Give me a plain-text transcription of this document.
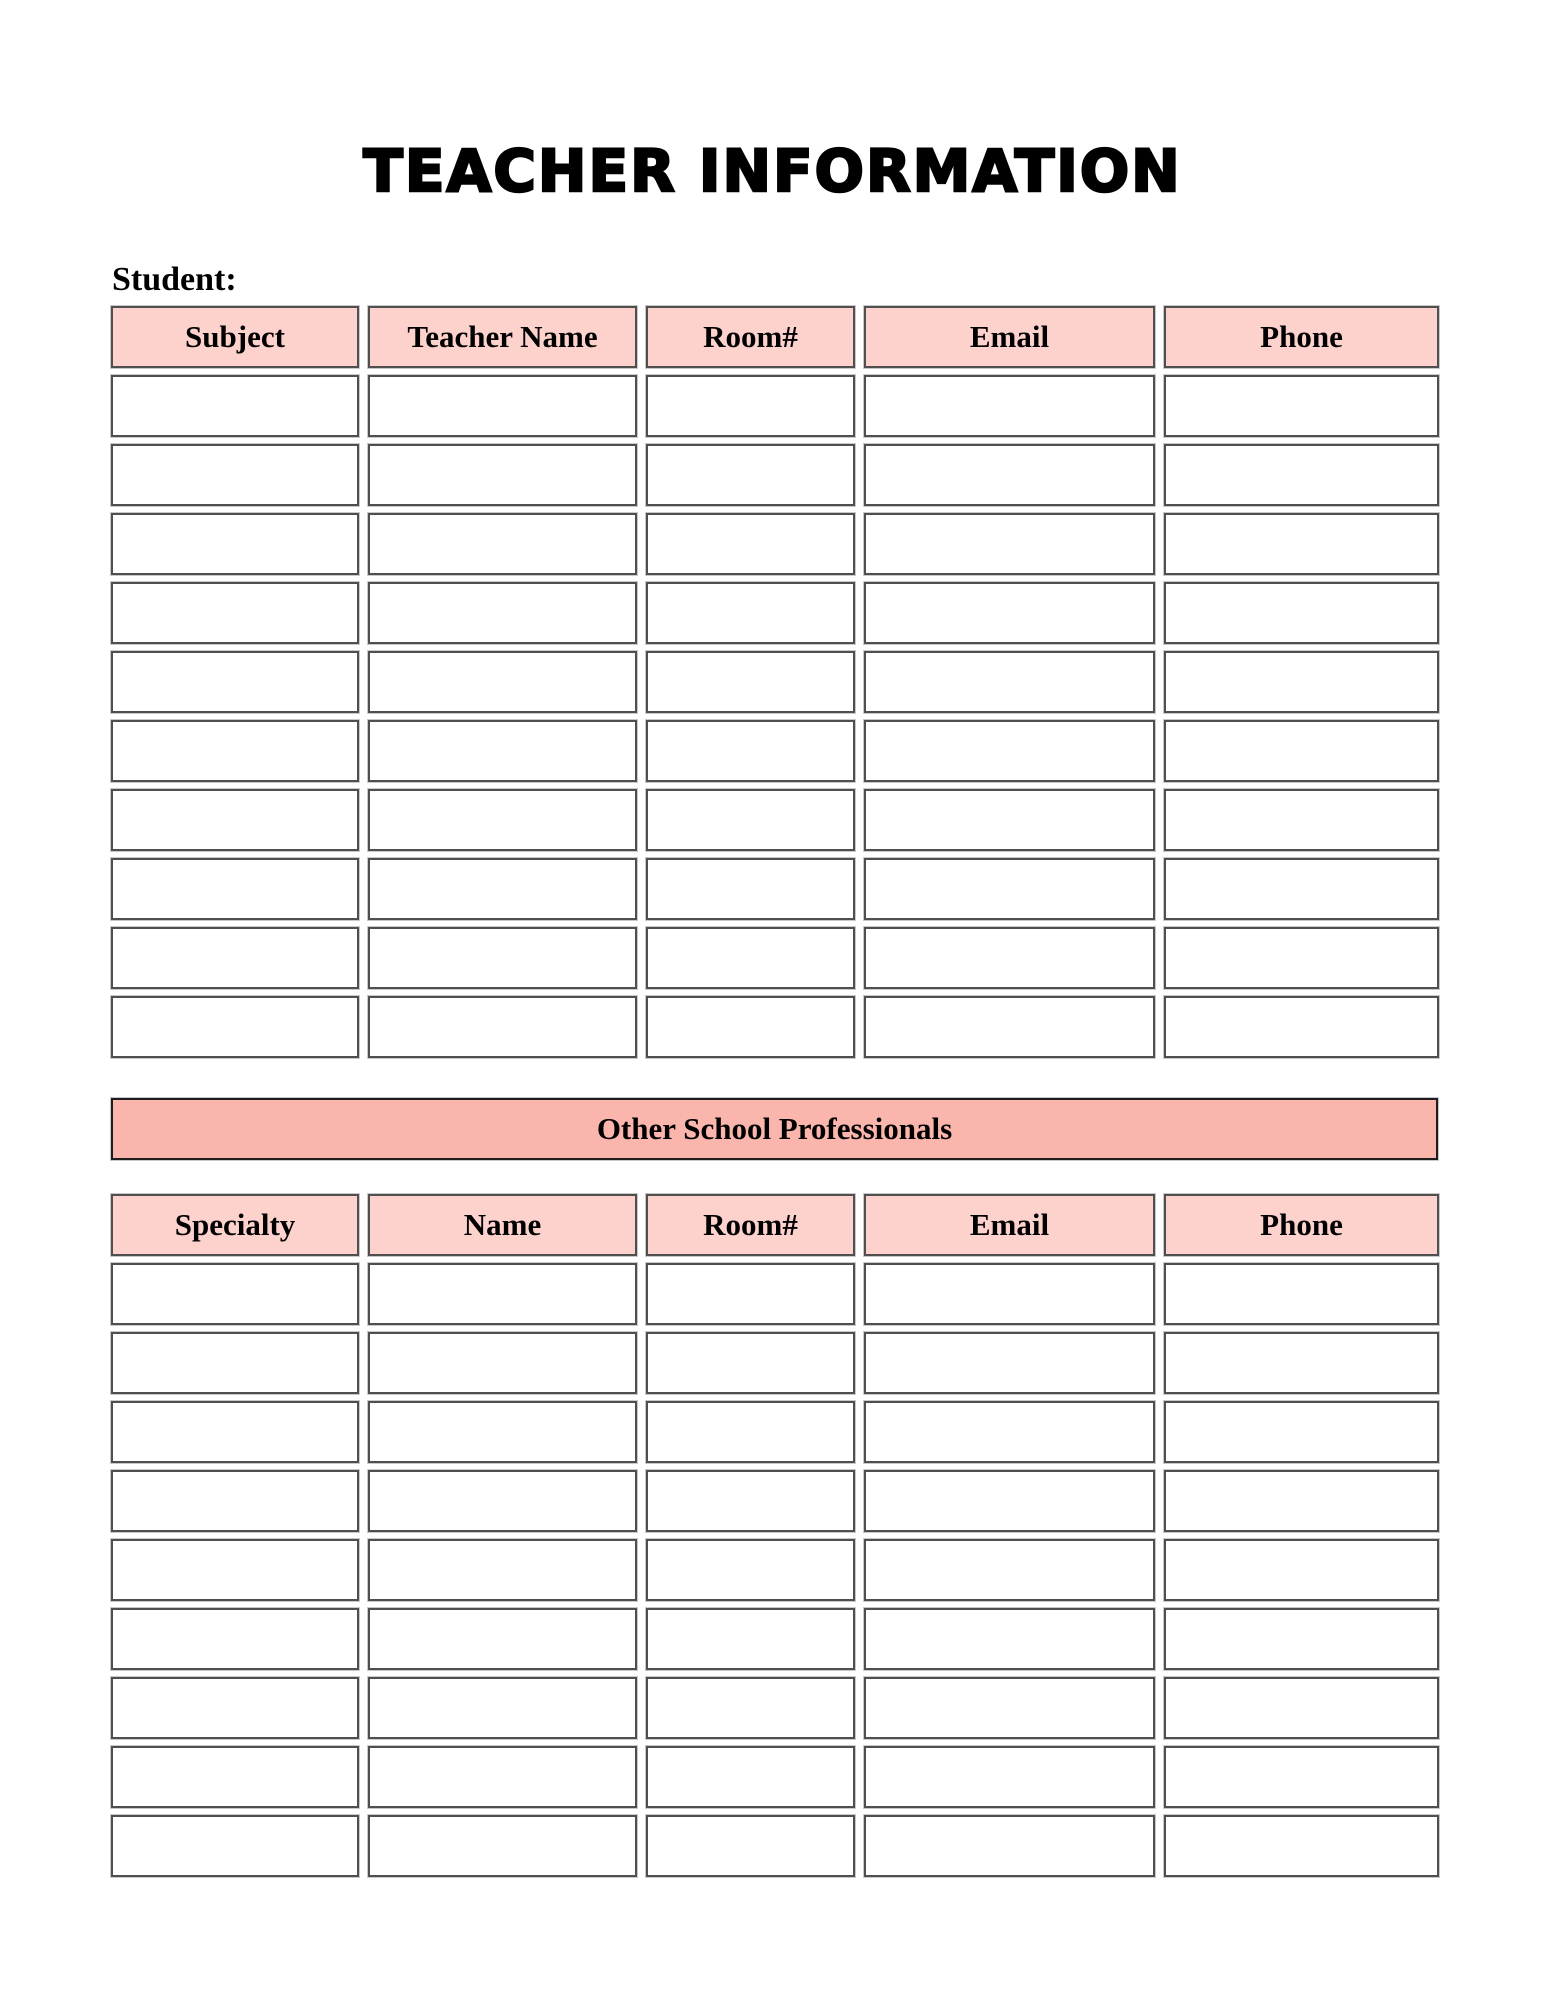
TEACHER INFORMATION
Student:
Subject	Teacher Name	Room#	Email	Phone
Other School Professionals
Specialty	Name	Room#	Email	Phone
